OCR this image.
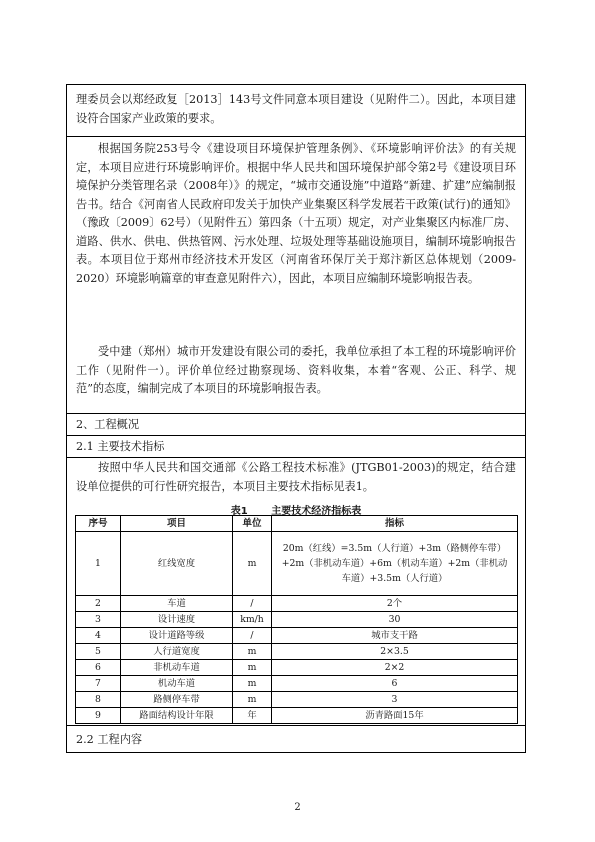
理委员会以郑经政复［2013］143号文件同意本项目建设（见附件二）。因此，本项目建设符合国家产业政策的要求。
根据国务院253号令《建设项目环境保护管理条例》、《环境影响评价法》的有关规定，本项目应进行环境影响评价。根据中华人民共和国环境保护部令第2号《建设项目环境保护分类管理名录（2008年）》的规定，“城市交通设施”中道路“新建、扩建”应编制报告书。结合《河南省人民政府印发关于加快产业集聚区科学发展若干政策(试行)的通知》（豫政〔2009〕62号）（见附件五）第四条（十五项）规定，对产业集聚区内标准厂房、道路、供水、供电、供热管网、污水处理、垃圾处理等基础设施项目，编制环境影响报告表。本项目位于郑州市经济技术开发区（河南省环保厅关于郑汴新区总体规划（2009-2020）环境影响篇章的审查意见附件六），因此，本项目应编制环境影响报告表。
受中建（郑州）城市开发建设有限公司的委托，我单位承担了本工程的环境影响评价工作（见附件一）。评价单位经过勘察现场、资料收集，本着“客观、公正、科学、规范”的态度，编制完成了本项目的环境影响报告表。
2、工程概况
2.1 主要技术指标
按照中华人民共和国交通部《公路工程技术标准》(JTGB01-2003)的规定，结合建设单位提供的可行性研究报告，本项目主要技术指标见表1。
表1 主要技术经济指标表
序号	项目	单位	指标
1	红线宽度	m	20m（红线）=3.5m（人行道）+3m（路侧停车带）+2m（非机动车道）+6m（机动车道）+2m（非机动车道）+3.5m（人行道）
2	车道	/	2个
3	设计速度	km/h	30
4	设计道路等级	/	城市支干路
5	人行道宽度	m	2×3.5
6	非机动车道	m	2×2
7	机动车道	m	6
8	路侧停车带	m	3
9	路面结构设计年限	年	沥青路面15年
2.2 工程内容
2
